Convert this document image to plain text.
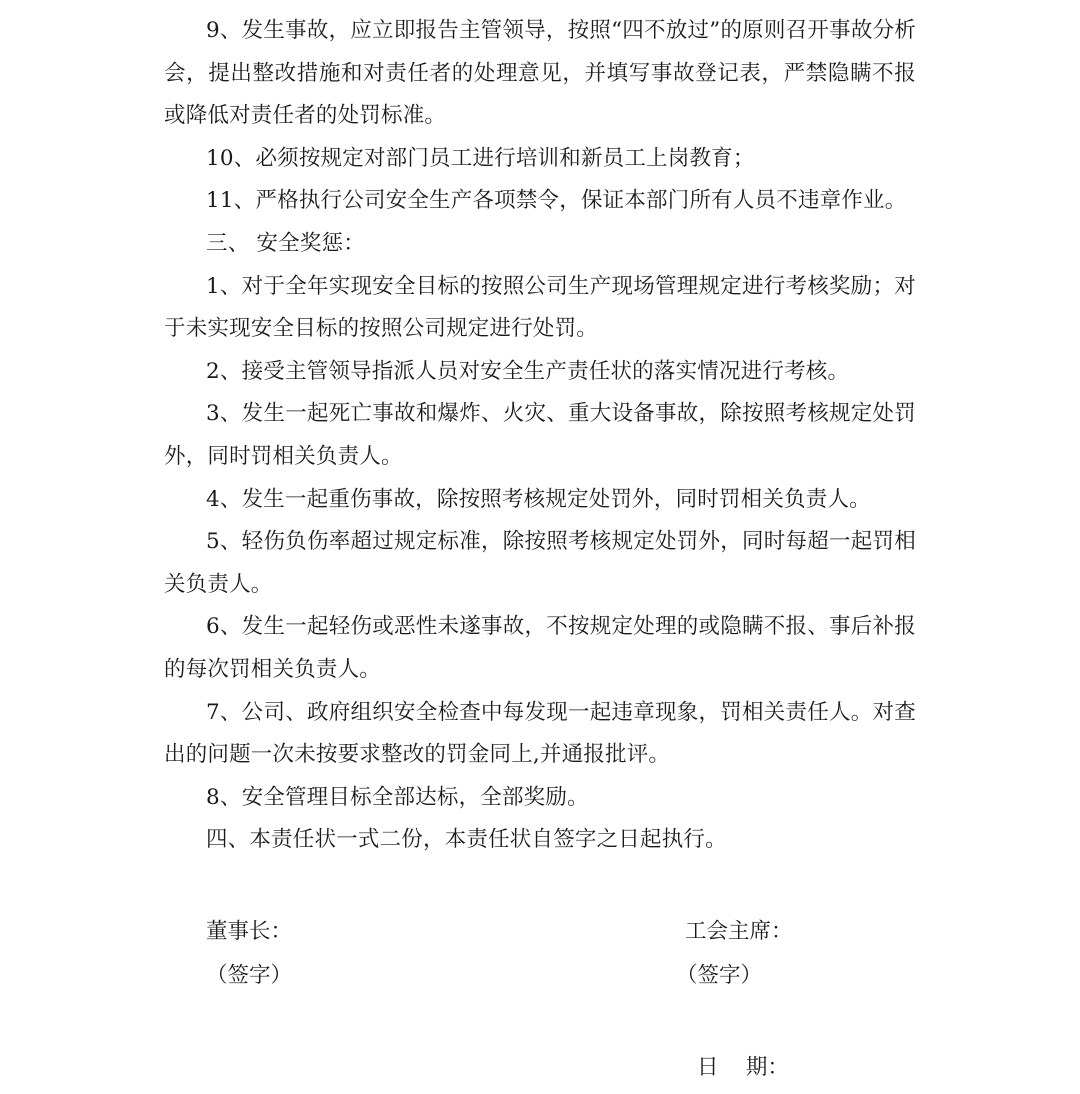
9、发生事故，应立即报告主管领导，按照“四不放过”的原则召开事故分析会，提出整改措施和对责任者的处理意见，并填写事故登记表，严禁隐瞒不报或降低对责任者的处罚标准。

10、必须按规定对部门员工进行培训和新员工上岗教育；

11、严格执行公司安全生产各项禁令，保证本部门所有人员不违章作业。

三、 安全奖惩：

1、对于全年实现安全目标的按照公司生产现场管理规定进行考核奖励；对于未实现安全目标的按照公司规定进行处罚。

2、接受主管领导指派人员对安全生产责任状的落实情况进行考核。

3、发生一起死亡事故和爆炸、火灾、重大设备事故，除按照考核规定处罚外，同时罚相关负责人。

4、发生一起重伤事故，除按照考核规定处罚外，同时罚相关负责人。

5、轻伤负伤率超过规定标准，除按照考核规定处罚外，同时每超一起罚相关负责人。

6、发生一起轻伤或恶性未遂事故，不按规定处理的或隐瞒不报、事后补报的每次罚相关负责人。

7、公司、政府组织安全检查中每发现一起违章现象，罚相关责任人。对查出的问题一次未按要求整改的罚金同上,并通报批评。

8、安全管理目标全部达标，全部奖励。

四、本责任状一式二份，本责任状自签字之日起执行。

董事长：
（签字）
工会主席：
（签字）
日    期：
